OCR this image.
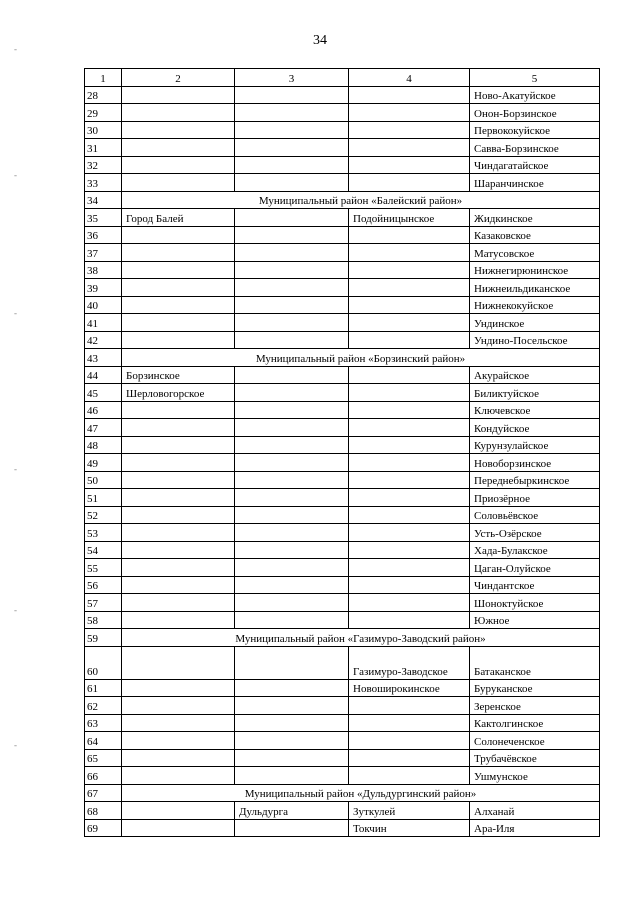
34
-
-
-
-
-
-
1	2	3	4	5
28				Ново-Акатуйское
29				Онон-Борзинское
30				Первококуйское
31				Савва-Борзинское
32				Чиндагатайское
33				Шаранчинское
34	Муниципальный район «Балейский район»			
35	Город Балей		Подойницынское	Жидкинское
36				Казаковское
37				Матусовское
38				Нижнегирюнинское
39				Нижнеильдиканское
40				Нижнекокуйское
41				Ундинское
42				Ундино-Посельское
43	Муниципальный район «Борзинский район»			
44	Борзинское			Акурайское
45	Шерловогорское			Биликтуйское
46				Ключевское
47				Кондуйское
48				Курунзулайское
49				Новоборзинское
50				Переднебыркинское
51				Приозёрное
52				Соловьёвское
53				Усть-Озёрское
54				Хада-Булакское
55				Цаган-Олуйское
56				Чиндантское
57				Шоноктуйское
58				Южное
59	Муниципальный район «Газимуро-Заводский район»			
60			Газимуро-Заводское	Батаканское
61			Новоширокинское	Буруканское
62				Зеренское
63				Кактолгинское
64				Солонеченское
65				Трубачёвское
66				Ушмунское
67	Муниципальный район «Дульдургинский район»			
68		Дульдурга	Зуткулей	Алханай
69			Токчин	Ара-Иля
